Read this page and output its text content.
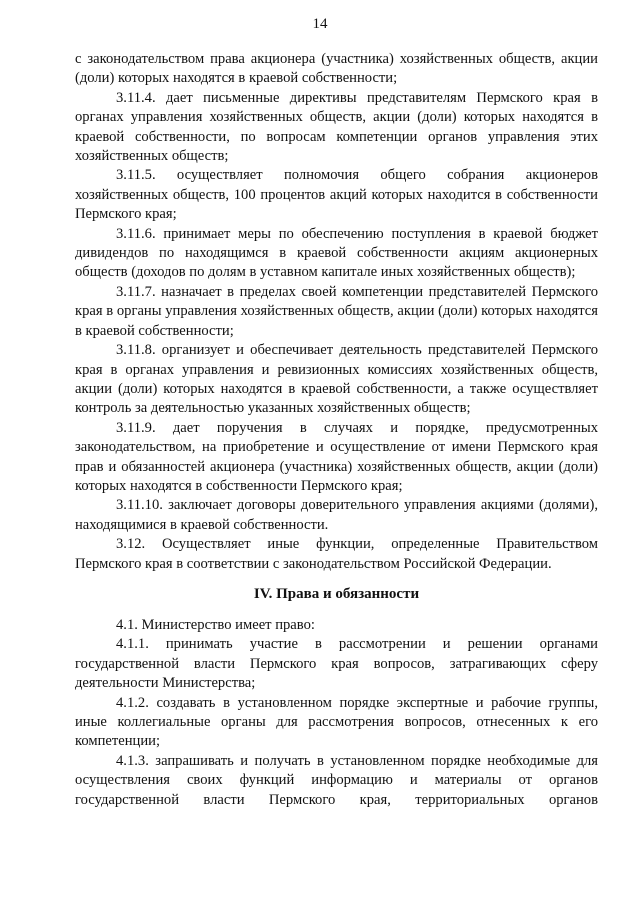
14

с законодательством права акционера (участника) хозяйственных обществ, акции (доли) которых находятся в краевой собственности;

3.11.4. дает письменные директивы представителям Пермского края в органах управления хозяйственных обществ, акции (доли) которых находятся в краевой собственности, по вопросам компетенции органов управления этих хозяйственных обществ;

3.11.5. осуществляет полномочия общего собрания акционеров хозяйственных обществ, 100 процентов акций которых находится в собственности Пермского края;

3.11.6. принимает меры по обеспечению поступления в краевой бюджет дивидендов по находящимся в краевой собственности акциям акционерных обществ (доходов по долям в уставном капитале иных хозяйственных обществ);

3.11.7. назначает в пределах своей компетенции представителей Пермского края в органы управления хозяйственных обществ, акции (доли) которых находятся в краевой собственности;

3.11.8. организует и обеспечивает деятельность представителей Пермского края в органах управления и ревизионных комиссиях хозяйственных обществ, акции (доли) которых находятся в краевой собственности, а также осуществляет контроль за деятельностью указанных хозяйственных обществ;

3.11.9. дает поручения в случаях и порядке, предусмотренных законодательством, на приобретение и осуществление от имени Пермского края прав и обязанностей акционера (участника) хозяйственных обществ, акции (доли) которых находятся в собственности Пермского края;

3.11.10. заключает договоры доверительного управления акциями (долями), находящимися в краевой собственности.

3.12. Осуществляет иные функции, определенные Правительством Пермского края в соответствии с законодательством Российской Федерации.

IV. Права и обязанности

4.1. Министерство имеет право:

4.1.1. принимать участие в рассмотрении и решении органами государственной власти Пермского края вопросов, затрагивающих сферу деятельности Министерства;

4.1.2. создавать в установленном порядке экспертные и рабочие группы, иные коллегиальные органы для рассмотрения вопросов, отнесенных к его компетенции;

4.1.3. запрашивать и получать в установленном порядке необходимые для осуществления своих функций информацию и материалы от органов государственной власти Пермского края, территориальных органов
